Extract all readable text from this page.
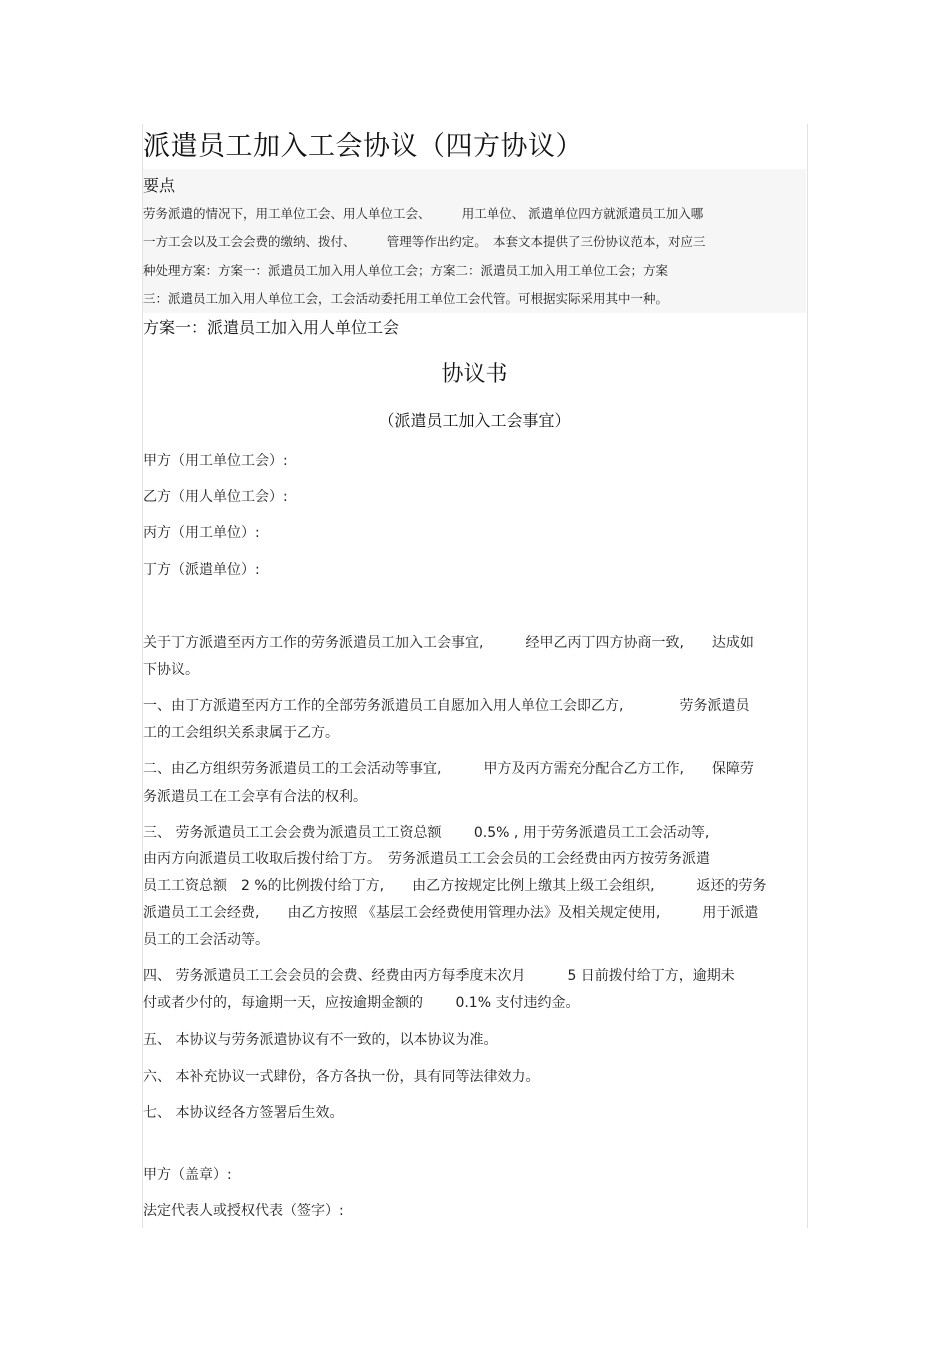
派遣员工加入工会协议（四方协议）
要点
劳务派遣的情况下，用工单位工会、用人单位工会、　　　用工单位、 派遣单位四方就派遣员工加入哪
一方工会以及工会会费的缴纳、拨付、　　　管理等作出约定。　本套文本提供了三份协议范本，对应三
种处理方案：方案一：派遣员工加入用人单位工会；方案二：派遣员工加入用工单位工会；方案
三：派遣员工加入用人单位工会，工会活动委托用工单位工会代管。可根据实际采用其中一种。
方案一：派遣员工加入用人单位工会
协议书
（派遣员工加入工会事宜）
甲方（用工单位工会）:
乙方（用人单位工会）:
丙方（用工单位）:
丁方（派遣单位）:
关于丁方派遣至丙方工作的劳务派遣员工加入工会事宜,　　　经甲乙丙丁四方协商一致,　　达成如
下协议。
一、由丁方派遣至丙方工作的全部劳务派遣员工自愿加入用人单位工会即乙方,　　　　劳务派遣员
工的工会组织关系隶属于乙方。
二、由乙方组织劳务派遣员工的工会活动等事宜,　　　甲方及丙方需充分配合乙方工作,　　保障劳
务派遣员工在工会享有合法的权利。
三、 劳务派遣员工工会会费为派遣员工工资总额　　 0.5% , 用于劳务派遣员工工会活动等,
由丙方向派遣员工收取后拨付给丁方。　劳务派遣员工工会会员的工会经费由丙方按劳务派遣
员工工资总额　2 %的比例拨付给丁方,　　由乙方按规定比例上缴其上级工会组织,　　　返还的劳务
派遣员工工会经费,　　由乙方按照 《基层工会经费使用管理办法》及相关规定使用,　　　用于派遣
员工的工会活动等。
四、 劳务派遣员工工会会员的会费、经费由丙方每季度末次月　　　5 日前拨付给丁方，逾期未
付或者少付的，每逾期一天，应按逾期金额的　　 0.1% 支付违约金。
五、 本协议与劳务派遣协议有不一致的，以本协议为准。
六、 本补充协议一式肆份，各方各执一份，具有同等法律效力。
七、 本协议经各方签署后生效。
甲方（盖章）:
法定代表人或授权代表（签字）:
